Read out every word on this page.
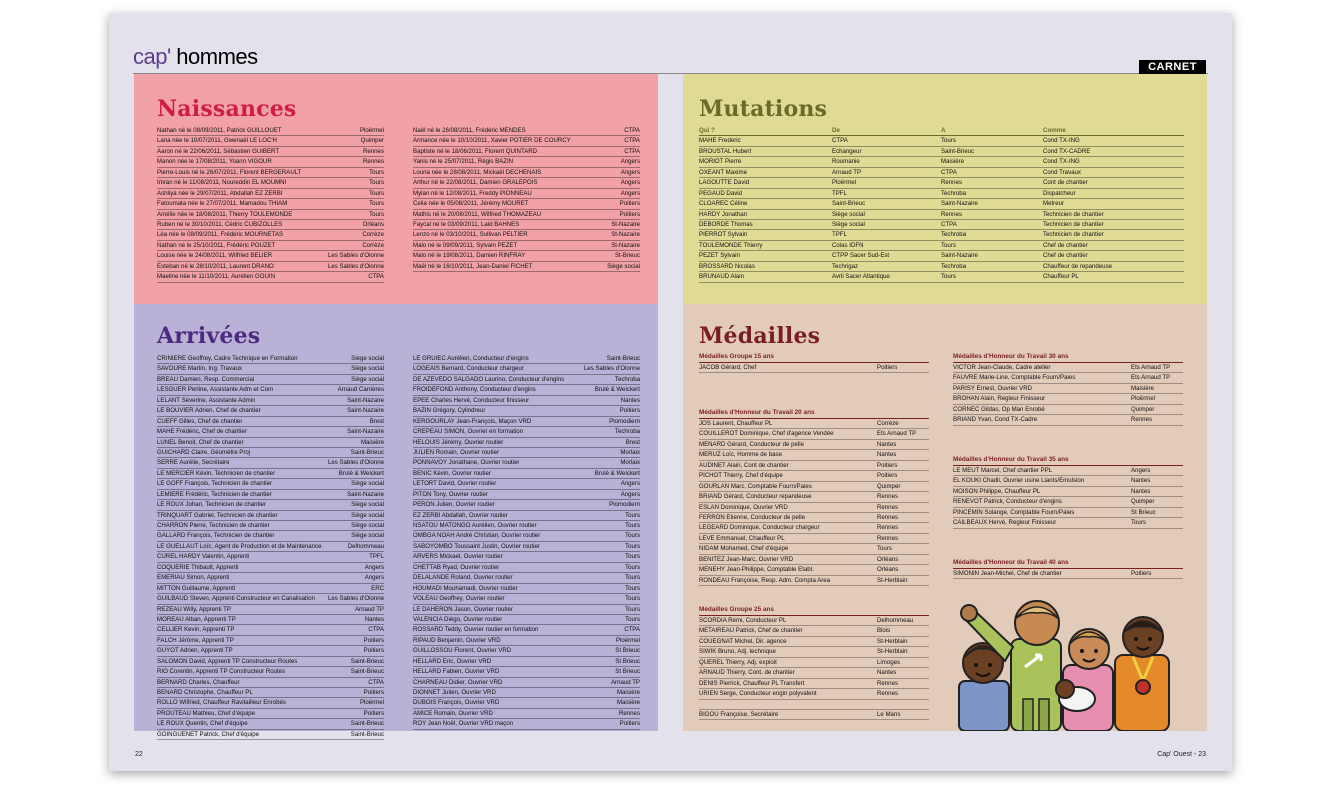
cap' hommes	CARNET
Naissances
Nathan né le 08/09/2011, Patrick GUILLOUET	Ploërmel
Lana née le 10/07/2011, Gwenaël LE LOC'H	Quimper
Aaron né le 22/06/2011, Sébastien GUIBERT	Rennes
Manon née le 17/08/2011, Yoann VIGOUR	Rennes
Pierre-Louis né le 26/07/2011, Florent BERGERAULT	Tours
Imran né le 11/08/2011, Noureddin EL MOUMNI	Tours
Ashliya née le 29/07/2011, Abdallah EZ ZERBI	Tours
Fatoumata née le 27/07/2011, Mamadou THIAM	Tours
Amélie née le 18/08/2011, Thierry TOULEMONDE	Tours
Ruben né le 30/10/2011, Cédric CUBIZOLLES	Orléans
Léa née le 08/09/2011, Frédéric MOURNETAS	Corrèze
Nathan né le 25/10/2011, Frédéric POUZET	Corrèze
Louise née le 24/08/2011, Wilfried BELIER	Les Sables d'Olonne
Esteban né le 28/10/2011, Laurent DRANO	Les Sables d'Olonne
Maeline née le 11/10/2011, Aurélien GOUIN	CTPA
Naël né le 26/08/2011, Frédéric MENDES	CTPA
Armance née le 10/10/2011, Xavier POTIER DE COURCY	CTPA
Baptiste né le 18/06/2011, Florent QUINTARD	CTPA
Yanis né le 25/07/2011, Régis BAZIN	Angers
Louna née le 28/08/2011, Mickaël DECHENAIS	Angers
Arthur né le 22/08/2011, Damien GRALEPOIS	Angers
Mylan né le 12/08/2011, Freddy PIONNEAU	Angers
Celia née le 05/08/2011, Jérémy MOURET	Poitiers
Mathis né le 20/08/2011, Wilfried THOMAZEAU	Poitiers
Faycal né le 03/09/2011, Laid BAHNES	St-Nazaire
Lenzo né le 03/10/2011, Sullivan PELTIER	St-Nazaire
Malo né le 09/09/2011, Sylvain PEZET	St-Nazaire
Malo né le 19/08/2011, Damien RINFRAY	St-Brieuc
Maël né le 16/10/2011, Jean-Daniel FICHET	Siège social
Mutations
Qui ?	De	A	Comme
MAHE Frederic	CTPA	Tours	Cond TX-ING
BROUSTAL Hubert	Echangeur	Saint-Brieuc	Cond TX-CADRE
MORIOT Pierre	Roumanie	Maisière	Cond TX-ING
OXEANT Maxime	Arnaud TP	CTPA	Cond Travaux
LAGOUTTE David	Ploërmel	Rennes	Cont de chantier
PEGAUD David	TPFL	Techroba	Dispatcheur
CLOAREC Céline	Saint-Brieuc	Saint-Nazaire	Metreur
HARDY Jonathan	Siège social	Rennes	Technicien de chantier
DEBORDE Thomas	Siège social	CTPA	Technicien de chantier
PIERROT Sylvain	TPFL	Techroba	Technicien de chantier
TOULEMONDE Thierry	Colas IDFN	Tours	Chef de chantier
PEZET Sylvain	CTPP Sacer Sud-Est	Saint-Nazaire	Chef de chantier
BROSSARD Nicolas	Techrigaz	Techroba	Chauffeur de repandeuse
BRUNAUD Alain	Avril Sacer Atlantique	Tours	Chauffeur PL
Arrivées
CRINIERE Geoffrey, Cadre Technique en Formation	Siège social
SAVOURE Martin, Ing. Travaux	Siège social
BREAU Damien, Resp. Commercial	Siège social
LESGUER Perline, Assistante Adm et Com	Arnaud Carrières
LELANT Séverine, Assistante Admin	Saint-Nazaire
LE BOUVIER Adrien, Chef de chantier	Saint-Nazaire
CUEFF Gilles, Chef de chantier	Brest
MAHE Frédéric, Chef de chantier	Saint-Nazaire
LUNEL Benoit, Chef de chantier	Maisière
GUICHARD Claire, Géomètre Proj	Saint-Brieuc
SERRE Aurélie, Secrétaire	Les Sables d'Olonne
LE MERCIER Kévin, Technicien de chantier	Brulé & Weickert
LE GOFF François, Technicien de chantier	Siège social
LEMIERE Frédéric, Technicien de chantier	Saint-Nazaire
LE ROUX Johan, Technicien de chantier	Siège social
TRINQUART Gabriel, Technicien de chantier	Siège social
CHARRON Pierre, Technicien de chantier	Siège social
GALLARD François, Technicien de chantier	Siège social
LE GUELLAUT Loïc, Agent de Production et de Maintenance	Delhommeau
CUREL HARDY Valentin, Apprenti	TPFL
COQUERIE Thibault, Apprenti	Angers
EMERIAU Simon, Apprenti	Angers
MITTON Guillaume, Apprenti	ERC
GUILBAUD Steven, Apprenti Constructeur en Canalisation Les Sables d'Olonne
REZEAU Willy, Apprenti TP	Arnaud TP
MOREAU Alban, Apprenti TP	Nantes
CELLIER Kevin, Apprenti TP	CTPA
FALCH Jérôme, Apprenti TP	Poitiers
GUYOT Adrien, Apprenti TP	Poitiers
SALOMON David, Apprenti TP Constructeur Routes	Saint-Brieuc
RIO Corentin, Apprenti TP Constructeur Routes	Saint-Brieuc
BERNARD Charles, Chauffeur	CTPA
BENARD Christophe, Chauffeur PL	Poitiers
ROLLO Wilfried, Chauffeur Ravitailleur Enrobés	Ploërmel
PROUTEAU Mathieu, Chef d'équipe	Poitiers
LE ROUX Quentin, Chef d'équipe	Saint-Brieuc
GOINGUENET Patrick, Chef d'équipe	Saint-Brieuc
LE GRUIEC Aurélien, Conducteur d'engins	Saint-Brieuc
LOGEAIS Bernard, Conducteur chargeur	Les Sables d'Olonne
DE AZEVEDO SALGADO Laurino, Conducteur d'engins	Techroba
FROIDEFOND Anthony, Conducteur d'engins	Brulé & Weickert
EPEE Charles Hervé, Conducteur finisseur	Nantes
BAZIN Grégory, Cylindreur	Poitiers
KERGOURLAY Jean-François, Maçon VRD	Plomodiern
CREPEAU SIMON, Ouvrier en formation	Techroba
HELOUIS Jérémy, Ouvrier routier	Brest
JULIEN Romain, Ouvrier routier	Morlaix
PONNAVOY Jonathane, Ouvrier routier	Morlaix
BENIC Kévin, Ouvrier routier	Brulé & Weickert
LETORT David, Ouvrier routier	Angers
PITON Tony, Ouvrier routier	Angers
PERON Julien, Ouvrier routier	Plomodiern
EZ ZERBI Abdallah, Ouvrier routier	Tours
NSATOU MATONGO Aurélien, Ouvrier routier	Tours
OMBGA NOAH André Christian, Ouvrier routier	Tours
SABOYOMBO Toussaint Justin, Ouvrier routier	Tours
ARVERS Mickael, Ouvrier routier	Tours
CHETTAB Ryad, Ouvrier routier	Tours
DELALANDE Roland, Ouvrier routier	Tours
HOUMADI Mouhamadi, Ouvrier routier	Tours
VOLEAU Geoffrey, Ouvrier routier	Tours
LE DAHERON Jason, Ouvrier routier	Tours
VALENCIA Diégo, Ouvrier routier	Tours
ROSSARD Teddy, Ouvrier routier en formation	CTPA
RIPAUD Benjamin, Ouvrier VRD	Ploërmel
GUILLOSSOU Florent, Ouvrier VRD	St Brieuc
HELLARD Eric, Ouvrier VRD	St Brieuc
HELLARD Fabien, Ouvrier VRD	St Brieuc
CHARNEAU Didier, Ouvrier VRD	Arnaud TP
DIONNET Julien, Ouvrier VRD	Maisière
DUBOIS François, Ouvrier VRD	Maisière
AMICE Romain, Ouvrier VRD	Rennes
ROY Jean Noël, Ouvrier VRD maçon	Poitiers
Médailles
Médailles Groupe 15 ans
JACOB Gérard, Chef	Poitiers
Médailles d'Honneur du Travail 20 ans
JOS Laurent, Chauffeur PL	Corrèze
COUILLEROT Dominique, Chef d'agence Vendée	Ets Arnaud TP
MENARD Gérard, Conducteur de pelle	Nantes
MERUZ Loïc, Homme de base	Nantes
AUDINET Alain, Cont de chantier	Poitiers
PICHOT Thierry, Chef d'équipe	Poitiers
GOURLAN Marc, Comptable Fourn/Paies	Quimper
BRIAND Gérard, Conducteur repandeuse	Rennes
ESLAN Dominique, Ouvrier VRD	Rennes
FERRON Etienne, Conducteur de pelle	Rennes
LEGEARD Dominique, Conducteur chargeur	Rennes
LEVE Emmanuel, Chauffeur PL	Rennes
NIDAM Mohamed, Chef d'équipe	Tours
BENITEZ Jean-Marc, Ouvrier VRD	Orléans
MENEHY Jean-Philippe, Comptable Etabl.	Orléans
RONDEAU Françoise, Resp. Adm. Compta Area	St-Herblain
Médailles Groupe 25 ans
SCORDIA Rémi, Conducteur PL	Delhommeau
METAIREAU Patrick, Chef de chantier	Blois
COUEGNAT Michel, Dir. agence	St-Herblain
SIWIK Bruno, Adj. technique	St-Herblain
QUEREL Thierry, Adj. exploit	Limoges
ARNAUD Thierry, Cont. de chantier	Nantes
DENIS Pierrick, Chauffeur PL Transfert	Rennes
URIEN Serge, Conducteur engin polyvalent	Rennes
BIGOU Françoise, Secrétaire	Le Mans
Médailles d'Honneur du Travail 30 ans
VICTOR Jean-Claude, Cadre atelier	Ets Arnaud TP
FAUVRE Marie-Line, Comptable Fourn/Paies	Ets Arnaud TP
PARISY Ernest, Ouvrier VRD	Maisière
BROHAN Alain, Regleur Finisseur	Ploërmel
CORNEC Gildas, Op Man Enrobé	Quimper
BRIAND Yvan, Cond TX-Cadre	Rennes
Médailles d'Honneur du Travail 35 ans
LE MEUT Marcel, Chef chantier PPL	Angers
EL KOUKI Chadli, Ouvrier usine Liants/Emulsion	Nantes
MOISON Philippe, Chauffeur PL	Nantes
RENEVOT Patrick, Conducteur d'engins	Quimper
PINCEMIN Solange, Comptable Fourn/Paies	St Brieuc
CAILBEAUX Hervé, Regleur Finisseur	Tours
Médailles d'Honneur du Travail 40 ans
SIMONIN Jean-Michel, Chef de chantier	Poitiers
22	Cap' Ouest - 23
